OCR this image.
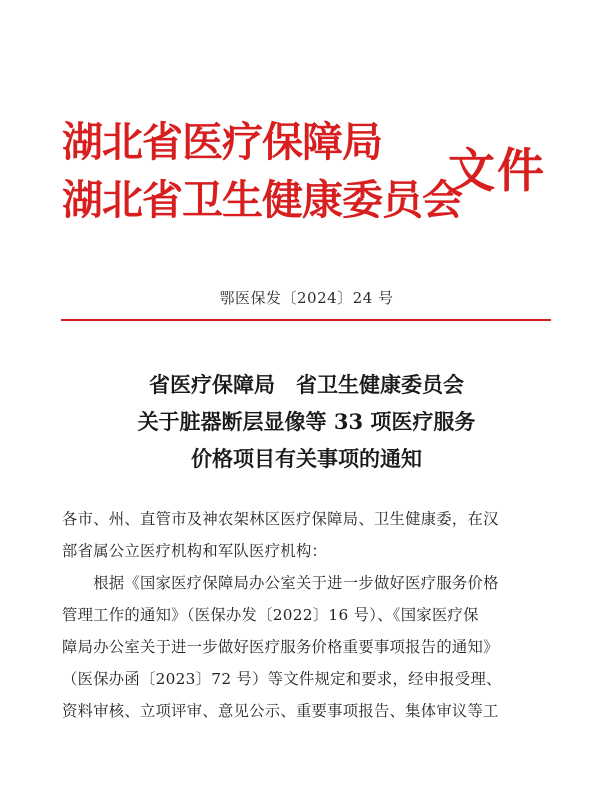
湖北省医疗保障局
湖北省卫生健康委员会
文件
鄂医保发〔2024〕24 号
省医疗保障局　省卫生健康委员会
关于脏器断层显像等 33 项医疗服务
价格项目有关事项的通知
各市、州、直管市及神农架林区医疗保障局、卫生健康委，在汉
部省属公立医疗机构和军队医疗机构：
　　根据《国家医疗保障局办公室关于进一步做好医疗服务价格
管理工作的通知》（医保办发〔2022〕16 号）、《国家医疗保
障局办公室关于进一步做好医疗服务价格重要事项报告的通知》
（医保办函〔2023〕72 号）等文件规定和要求，经申报受理、
资料审核、立项评审、意见公示、重要事项报告、集体审议等工
